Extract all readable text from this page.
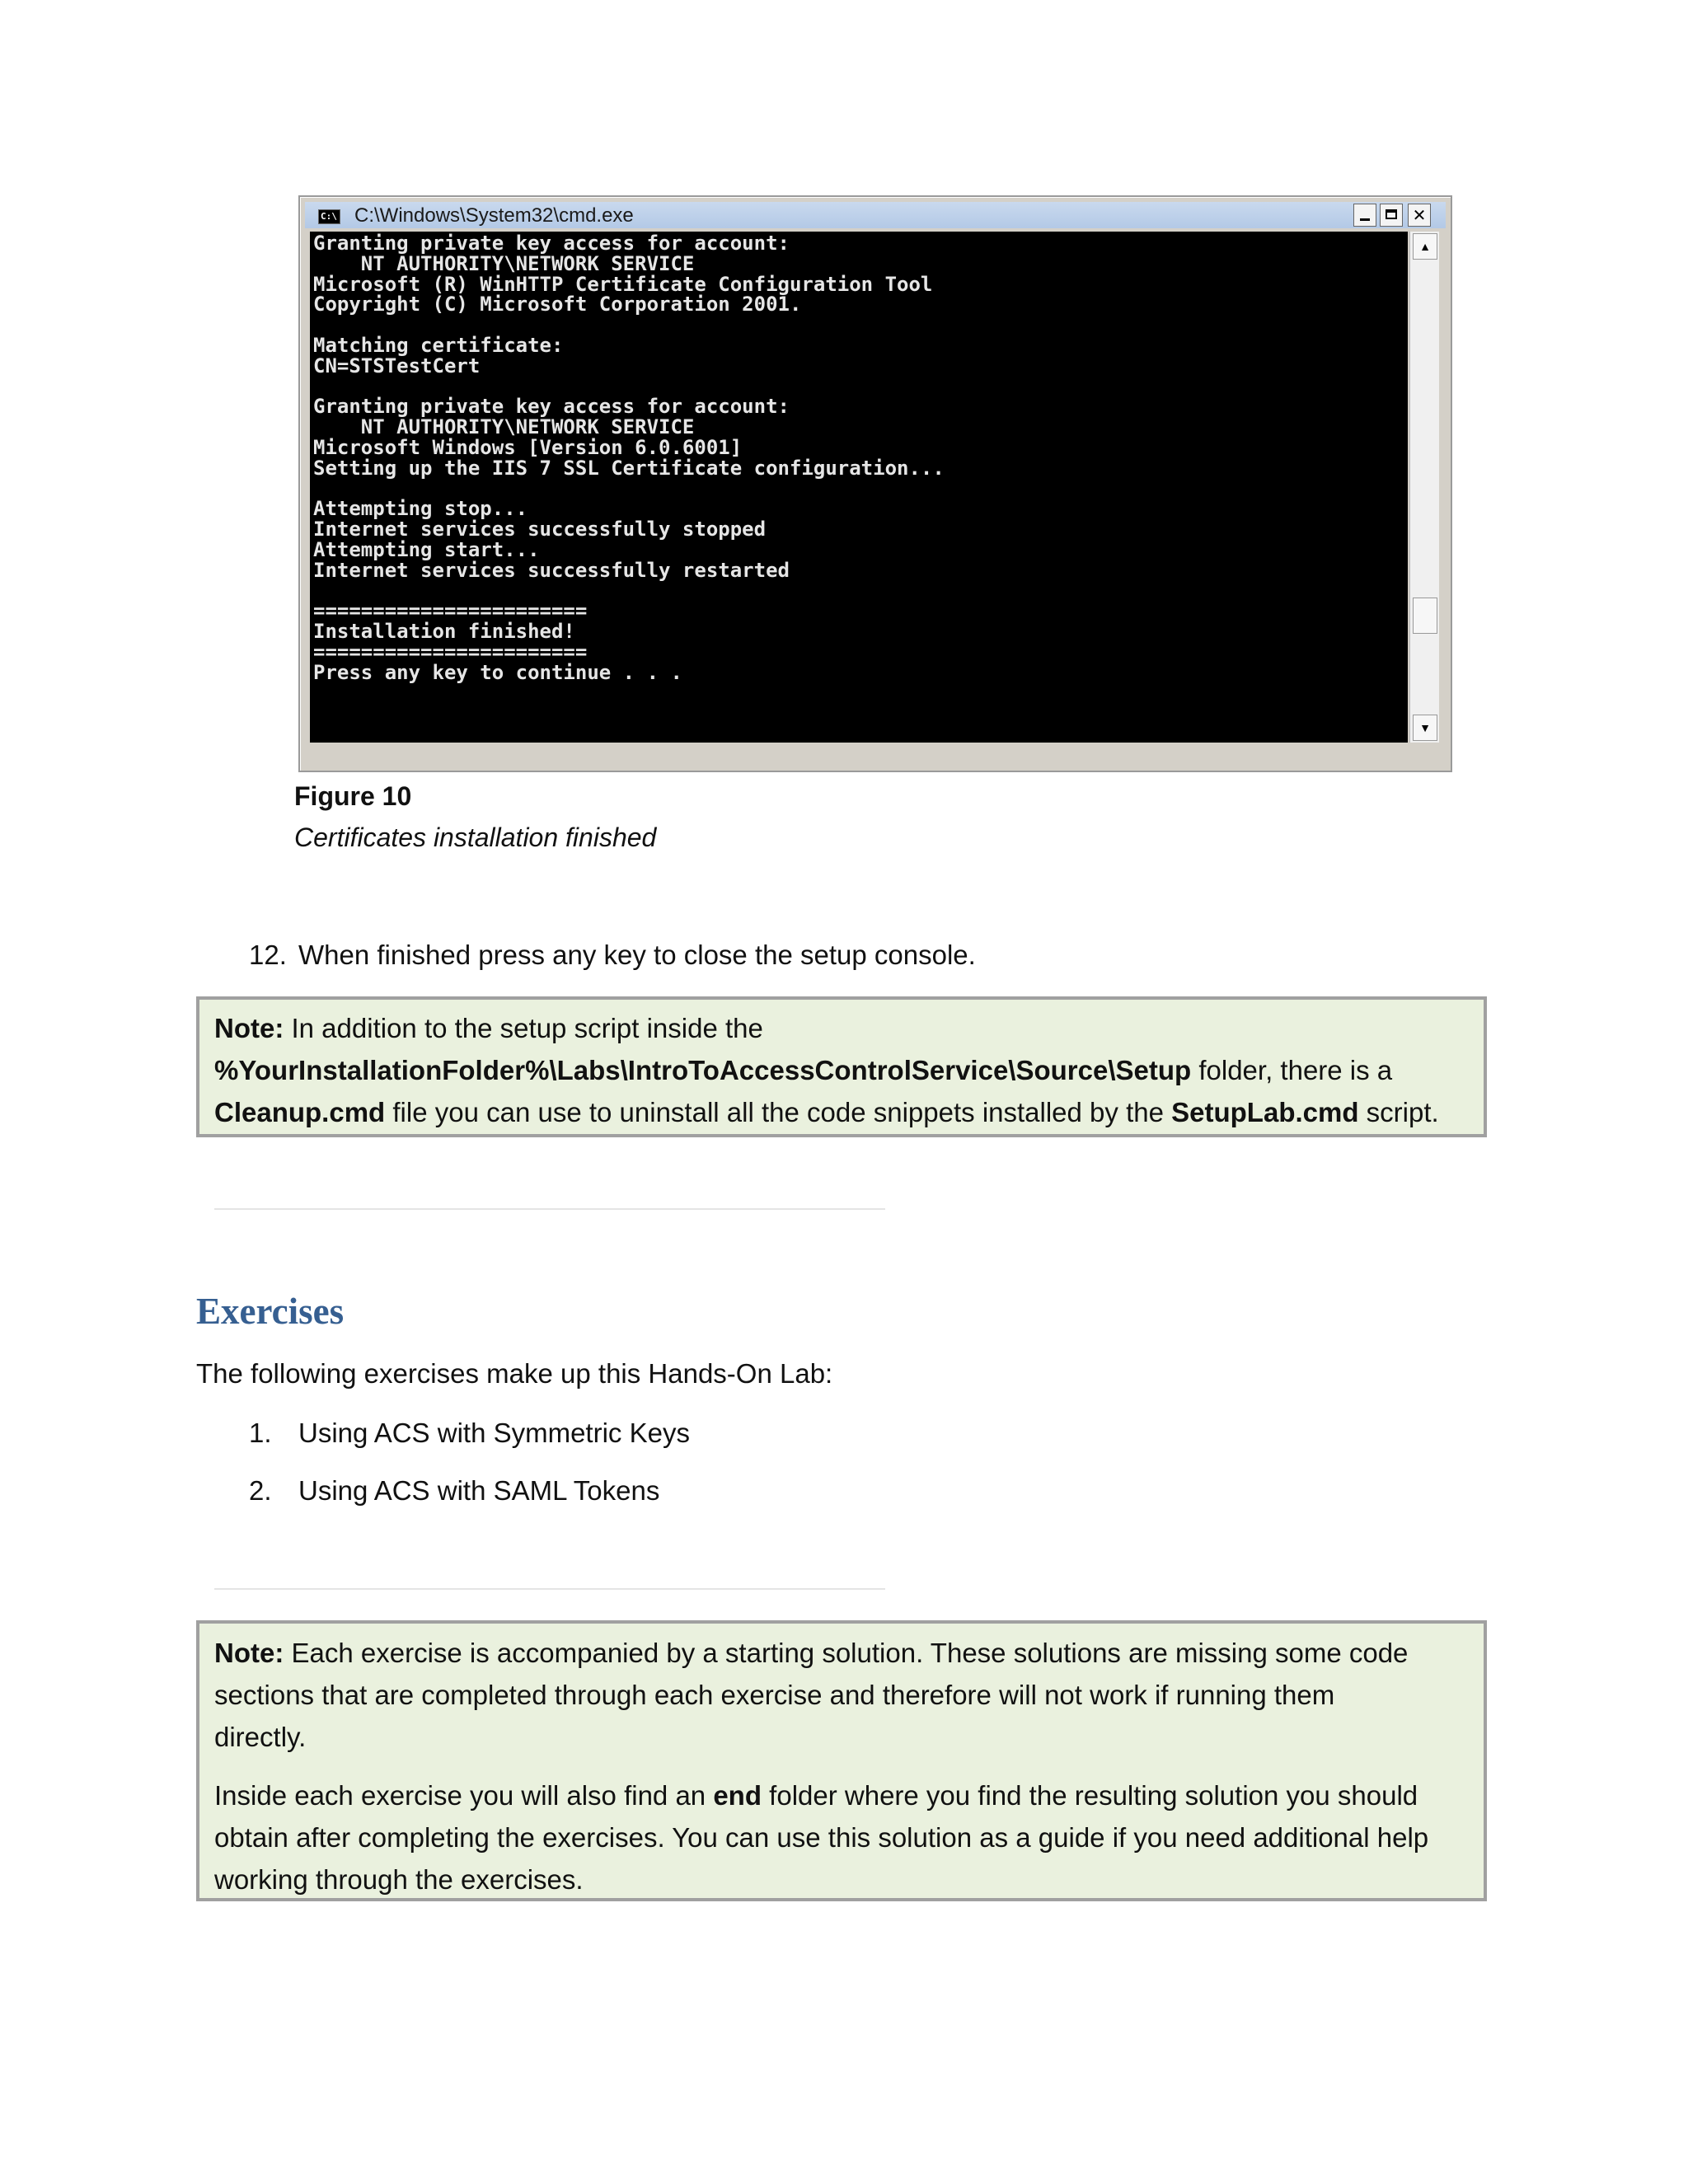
C:\ C:\Windows\System32\cmd.exe	✕
Granting private key access for account:
NT AUTHORITY\NETWORK SERVICE
Microsoft (R) WinHTTP Certificate Configuration Tool
Copyright (C) Microsoft Corporation 2001.
Matching certificate:
CN=STSTestCert
Granting private key access for account:
NT AUTHORITY\NETWORK SERVICE
Microsoft Windows [Version 6.0.6001]
Setting up the IIS 7 SSL Certificate configuration...
Attempting stop...
Internet services successfully stopped
Attempting start...
Internet services successfully restarted
=======================
Installation finished!
=======================
Press any key to continue . . .
▲
▼
Figure 10
Certificates installation finished
12. When finished press any key to close the setup console.
Note: In addition to the setup script inside the
%YourInstallationFolder%\Labs\IntroToAccessControlService\Source\Setup folder, there is a
Cleanup.cmd file you can use to uninstall all the code snippets installed by the SetupLab.cmd script.
Exercises
The following exercises make up this Hands-On Lab:
1. Using ACS with Symmetric Keys
2. Using ACS with SAML Tokens
Note: Each exercise is accompanied by a starting solution. These solutions are missing some code
sections that are completed through each exercise and therefore will not work if running them
directly.
Inside each exercise you will also find an end folder where you find the resulting solution you should
obtain after completing the exercises. You can use this solution as a guide if you need additional help
working through the exercises.
